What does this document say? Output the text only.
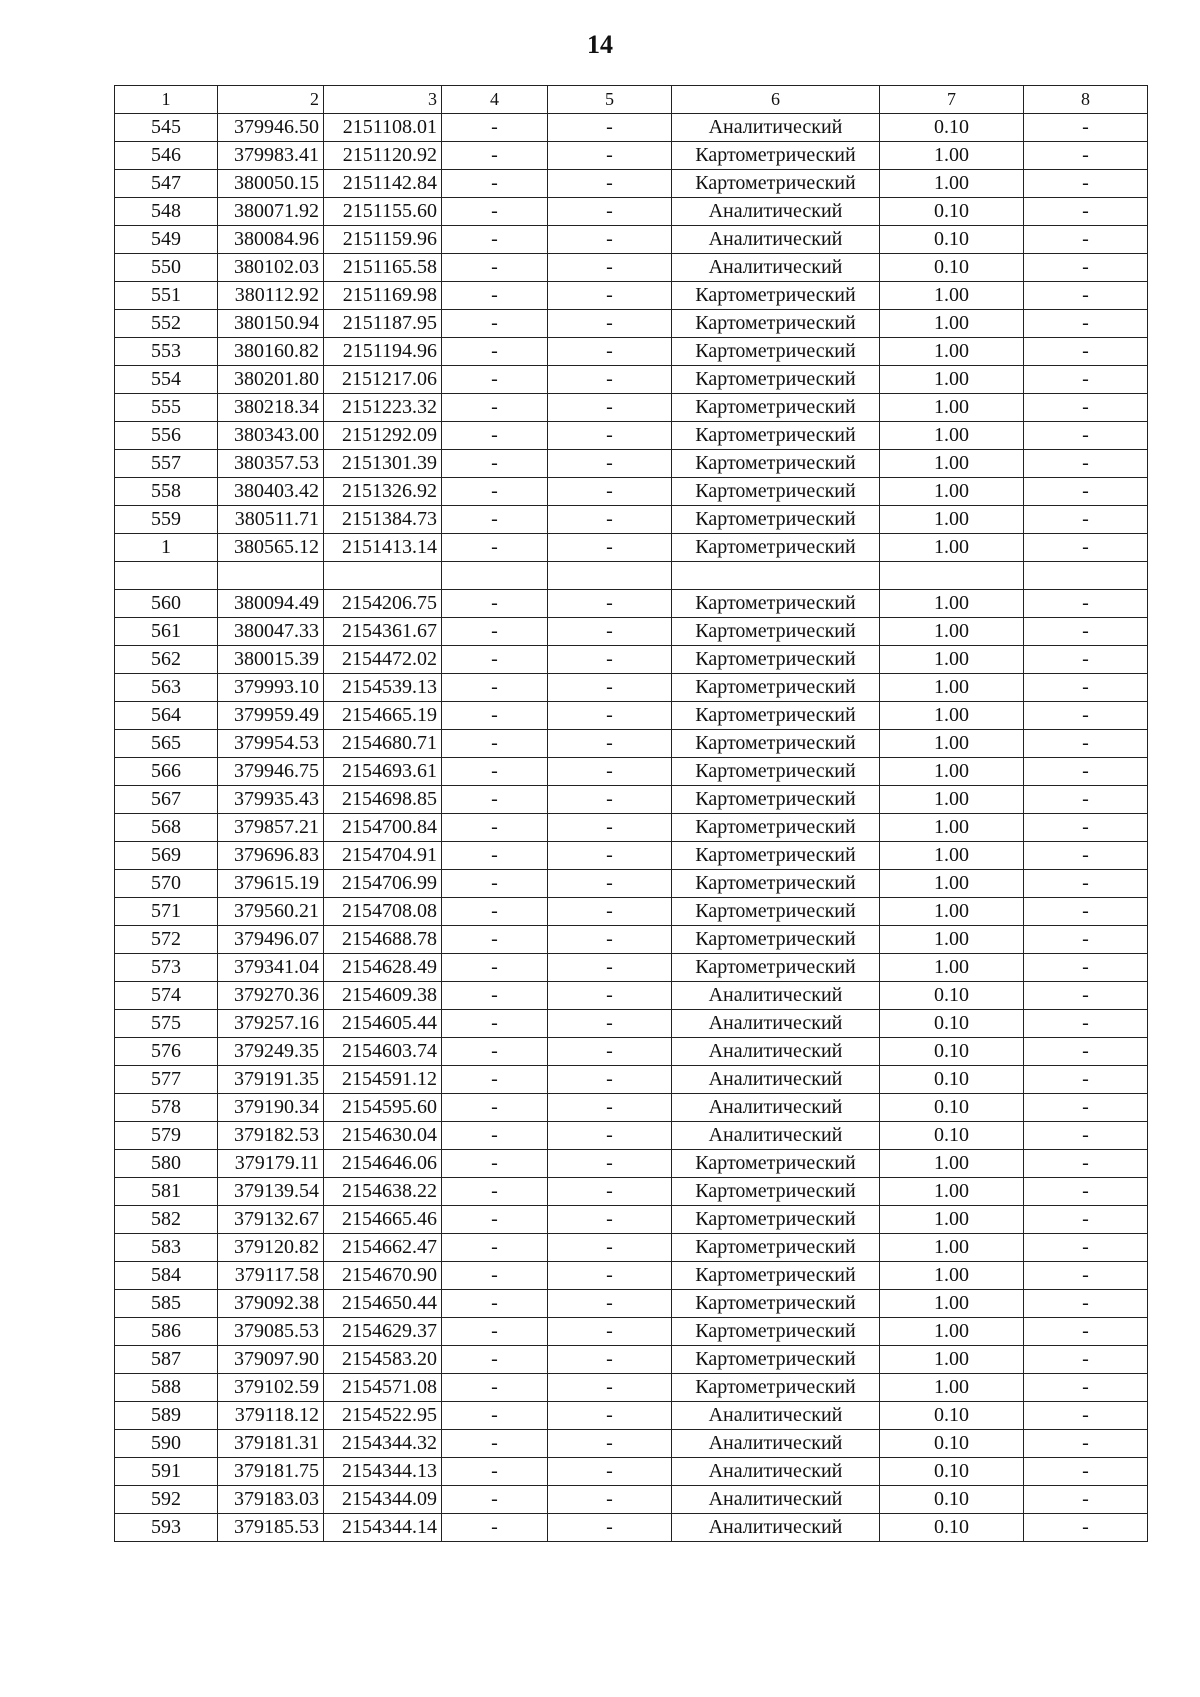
14
1	2	3	4	5	6	7	8
545	379946.50	2151108.01	-	-	Аналитический	0.10	-
546	379983.41	2151120.92	-	-	Картометрический	1.00	-
547	380050.15	2151142.84	-	-	Картометрический	1.00	-
548	380071.92	2151155.60	-	-	Аналитический	0.10	-
549	380084.96	2151159.96	-	-	Аналитический	0.10	-
550	380102.03	2151165.58	-	-	Аналитический	0.10	-
551	380112.92	2151169.98	-	-	Картометрический	1.00	-
552	380150.94	2151187.95	-	-	Картометрический	1.00	-
553	380160.82	2151194.96	-	-	Картометрический	1.00	-
554	380201.80	2151217.06	-	-	Картометрический	1.00	-
555	380218.34	2151223.32	-	-	Картометрический	1.00	-
556	380343.00	2151292.09	-	-	Картометрический	1.00	-
557	380357.53	2151301.39	-	-	Картометрический	1.00	-
558	380403.42	2151326.92	-	-	Картометрический	1.00	-
559	380511.71	2151384.73	-	-	Картометрический	1.00	-
1	380565.12	2151413.14	-	-	Картометрический	1.00	-

560	380094.49	2154206.75	-	-	Картометрический	1.00	-
561	380047.33	2154361.67	-	-	Картометрический	1.00	-
562	380015.39	2154472.02	-	-	Картометрический	1.00	-
563	379993.10	2154539.13	-	-	Картометрический	1.00	-
564	379959.49	2154665.19	-	-	Картометрический	1.00	-
565	379954.53	2154680.71	-	-	Картометрический	1.00	-
566	379946.75	2154693.61	-	-	Картометрический	1.00	-
567	379935.43	2154698.85	-	-	Картометрический	1.00	-
568	379857.21	2154700.84	-	-	Картометрический	1.00	-
569	379696.83	2154704.91	-	-	Картометрический	1.00	-
570	379615.19	2154706.99	-	-	Картометрический	1.00	-
571	379560.21	2154708.08	-	-	Картометрический	1.00	-
572	379496.07	2154688.78	-	-	Картометрический	1.00	-
573	379341.04	2154628.49	-	-	Картометрический	1.00	-
574	379270.36	2154609.38	-	-	Аналитический	0.10	-
575	379257.16	2154605.44	-	-	Аналитический	0.10	-
576	379249.35	2154603.74	-	-	Аналитический	0.10	-
577	379191.35	2154591.12	-	-	Аналитический	0.10	-
578	379190.34	2154595.60	-	-	Аналитический	0.10	-
579	379182.53	2154630.04	-	-	Аналитический	0.10	-
580	379179.11	2154646.06	-	-	Картометрический	1.00	-
581	379139.54	2154638.22	-	-	Картометрический	1.00	-
582	379132.67	2154665.46	-	-	Картометрический	1.00	-
583	379120.82	2154662.47	-	-	Картометрический	1.00	-
584	379117.58	2154670.90	-	-	Картометрический	1.00	-
585	379092.38	2154650.44	-	-	Картометрический	1.00	-
586	379085.53	2154629.37	-	-	Картометрический	1.00	-
587	379097.90	2154583.20	-	-	Картометрический	1.00	-
588	379102.59	2154571.08	-	-	Картометрический	1.00	-
589	379118.12	2154522.95	-	-	Аналитический	0.10	-
590	379181.31	2154344.32	-	-	Аналитический	0.10	-
591	379181.75	2154344.13	-	-	Аналитический	0.10	-
592	379183.03	2154344.09	-	-	Аналитический	0.10	-
593	379185.53	2154344.14	-	-	Аналитический	0.10	-
